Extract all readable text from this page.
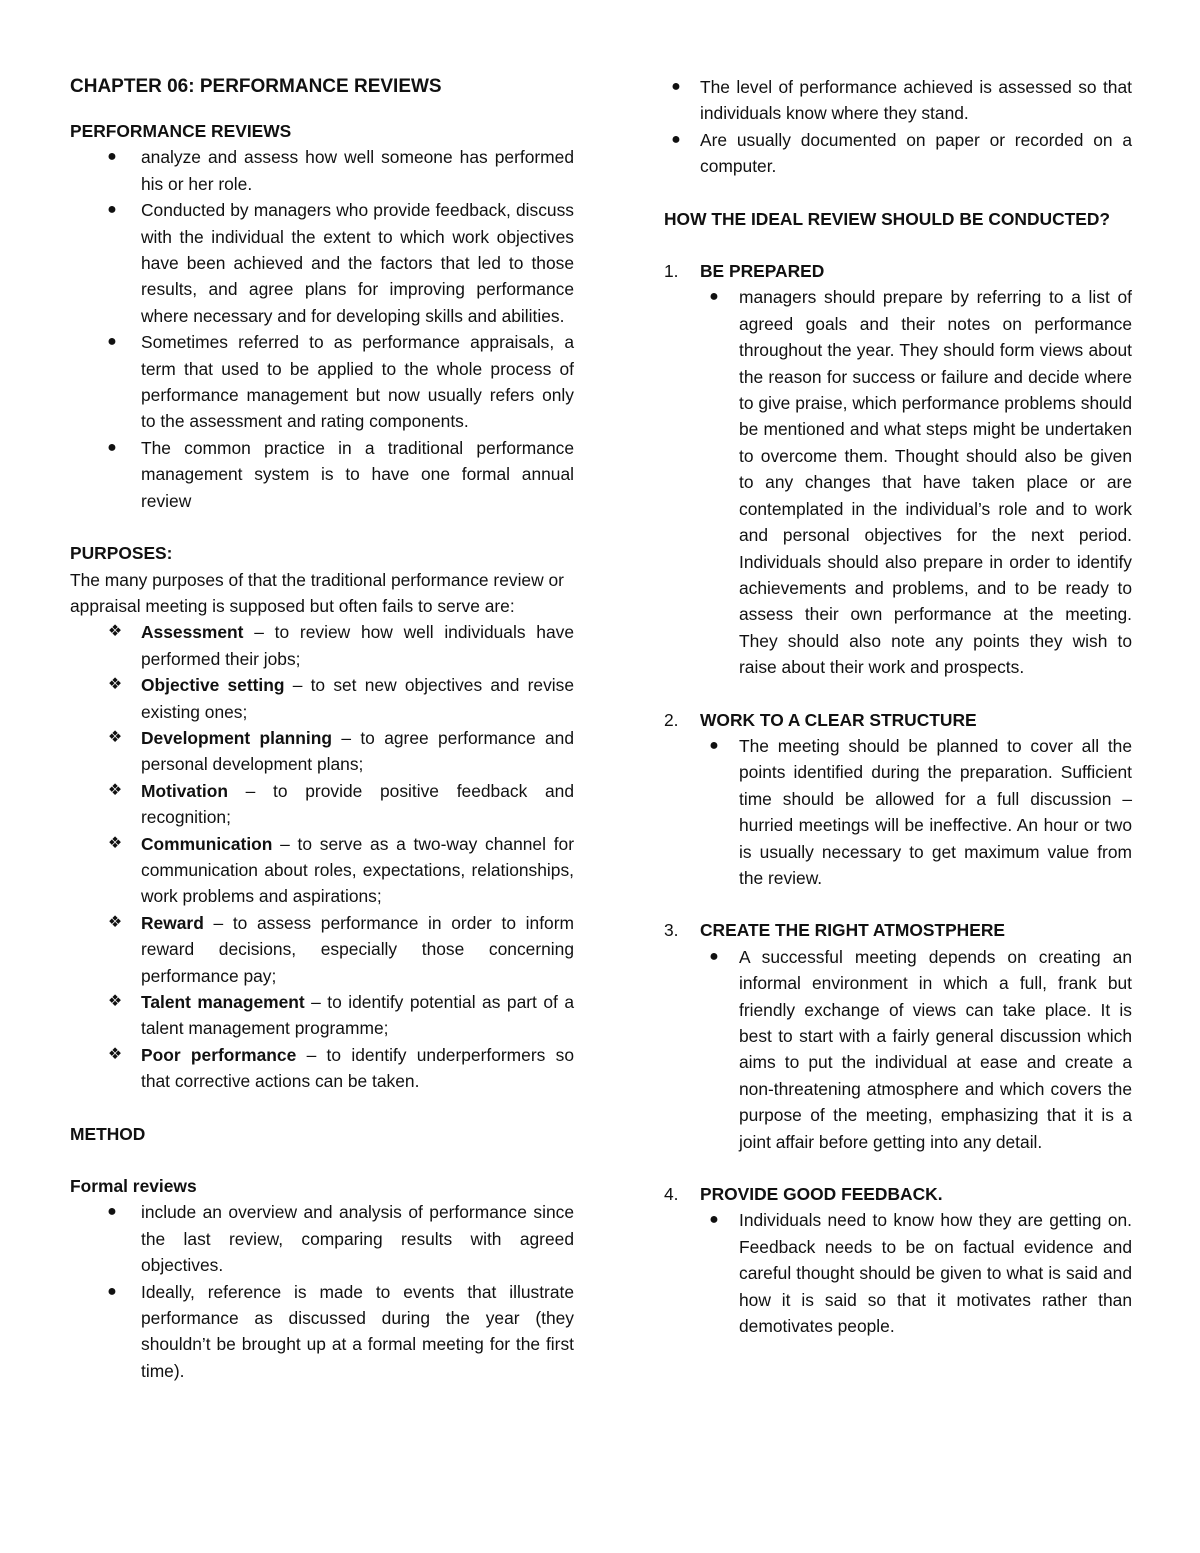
CHAPTER 06: PERFORMANCE REVIEWS

PERFORMANCE REVIEWS

●	analyze and assess how well someone has performed his or her role.
●	Conducted by managers who provide feedback, discuss with the individual the extent to which work objectives have been achieved and the factors that led to those results, and agree plans for improving performance where necessary and for developing skills and abilities.
●	Sometimes referred to as performance appraisals, a term that used to be applied to the whole process of performance management but now usually refers only to the assessment and rating components.
●	The common practice in a traditional performance management system is to have one formal annual review

PURPOSES:

The many purposes of that the traditional performance review or appraisal meeting is supposed but often fails to serve are:

❖ Assessment – to review how well individuals have performed their jobs;
❖ Objective setting – to set new objectives and revise existing ones;
❖ Development planning – to agree performance and personal development plans;
❖ Motivation – to provide positive feedback and recognition;
❖ Communication – to serve as a two-way channel for communication about roles, expectations, relationships, work problems and aspirations;
❖ Reward – to assess performance in order to inform reward decisions, especially those concerning performance pay;
❖ Talent management – to identify potential as part of a talent management programme;
❖ Poor performance – to identify underperformers so that corrective actions can be taken.

METHOD

Formal reviews

●	include an overview and analysis of performance since the last review, comparing results with agreed objectives.
●	Ideally, reference is made to events that illustrate performance as discussed during the year (they shouldn’t be brought up at a formal meeting for the first time).
●	The level of performance achieved is assessed so that individuals know where they stand.
●	Are usually documented on paper or recorded on a computer.

HOW THE IDEAL REVIEW SHOULD BE CONDUCTED?

1. BE PREPARED
●	managers should prepare by referring to a list of agreed goals and their notes on performance throughout the year. They should form views about the reason for success or failure and decide where to give praise, which performance problems should be mentioned and what steps might be undertaken to overcome them. Thought should also be given to any changes that have taken place or are contemplated in the individual’s role and to work and personal objectives for the next period. Individuals should also prepare in order to identify achievements and problems, and to be ready to assess their own performance at the meeting. They should also note any points they wish to raise about their work and prospects.
2. WORK TO A CLEAR STRUCTURE
●	The meeting should be planned to cover all the points identified during the preparation. Sufficient time should be allowed for a full discussion – hurried meetings will be ineffective. An hour or two is usually necessary to get maximum value from the review.
3. CREATE THE RIGHT ATMOSTPHERE
●	A successful meeting depends on creating an informal environment in which a full, frank but friendly exchange of views can take place. It is best to start with a fairly general discussion which aims to put the individual at ease and create a non-threatening atmosphere and which covers the purpose of the meeting, emphasizing that it is a joint affair before getting into any detail.
4. PROVIDE GOOD FEEDBACK.
●	Individuals need to know how they are getting on. Feedback needs to be on factual evidence and careful thought should be given to what is said and how it is said so that it motivates rather than demotivates people.
